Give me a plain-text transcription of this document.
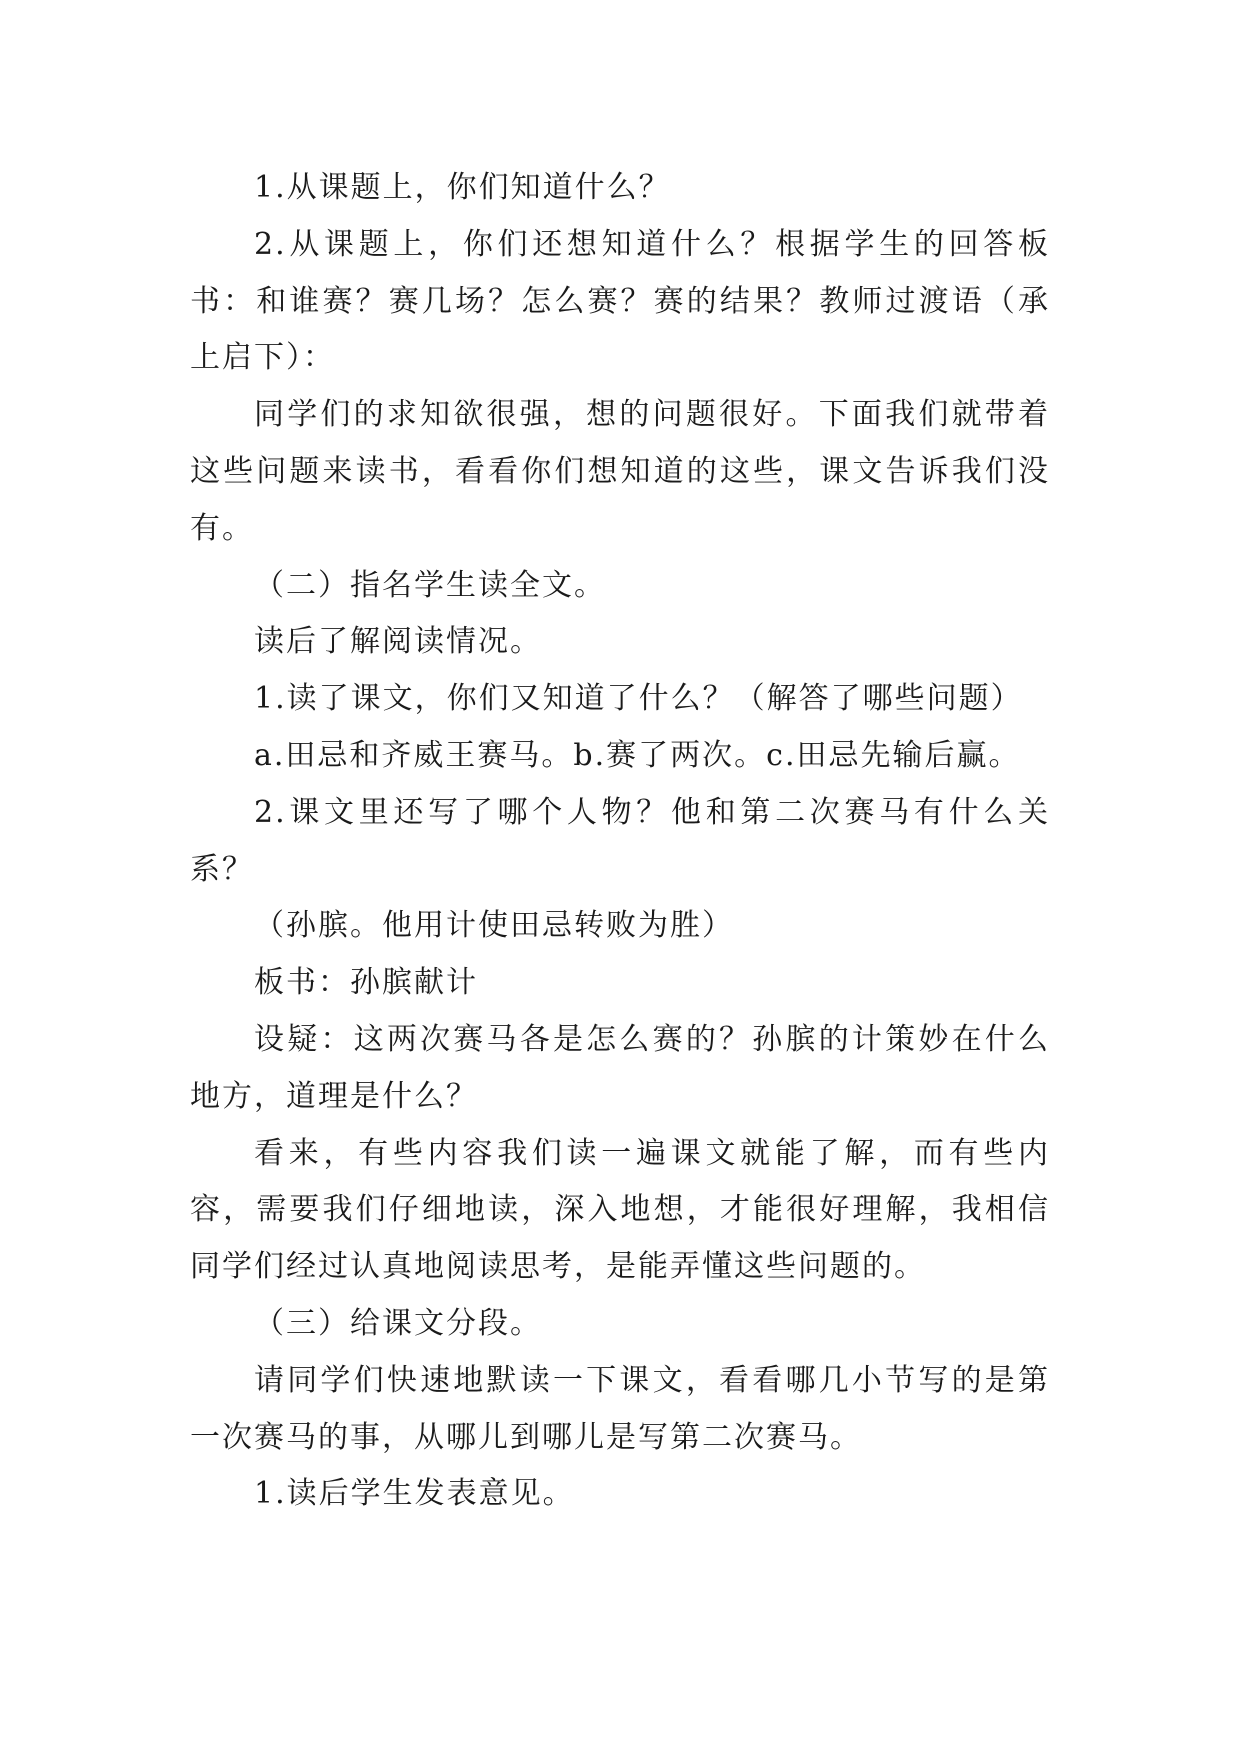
1.从课题上，你们知道什么？

2.从课题上，你们还想知道什么？根据学生的回答板书：和谁赛？赛几场？怎么赛？赛的结果？教师过渡语（承上启下）：

同学们的求知欲很强，想的问题很好。下面我们就带着这些问题来读书，看看你们想知道的这些，课文告诉我们没有。

（二）指名学生读全文。

读后了解阅读情况。

1.读了课文，你们又知道了什么？（解答了哪些问题）

a.田忌和齐威王赛马。b.赛了两次。c.田忌先输后赢。

2.课文里还写了哪个人物？他和第二次赛马有什么关系？

（孙膑。他用计使田忌转败为胜）

板书：孙膑献计

设疑：这两次赛马各是怎么赛的？孙膑的计策妙在什么地方，道理是什么？

看来，有些内容我们读一遍课文就能了解，而有些内容，需要我们仔细地读，深入地想，才能很好理解，我相信同学们经过认真地阅读思考，是能弄懂这些问题的。

（三）给课文分段。

请同学们快速地默读一下课文，看看哪几小节写的是第一次赛马的事，从哪儿到哪儿是写第二次赛马。

1.读后学生发表意见。
